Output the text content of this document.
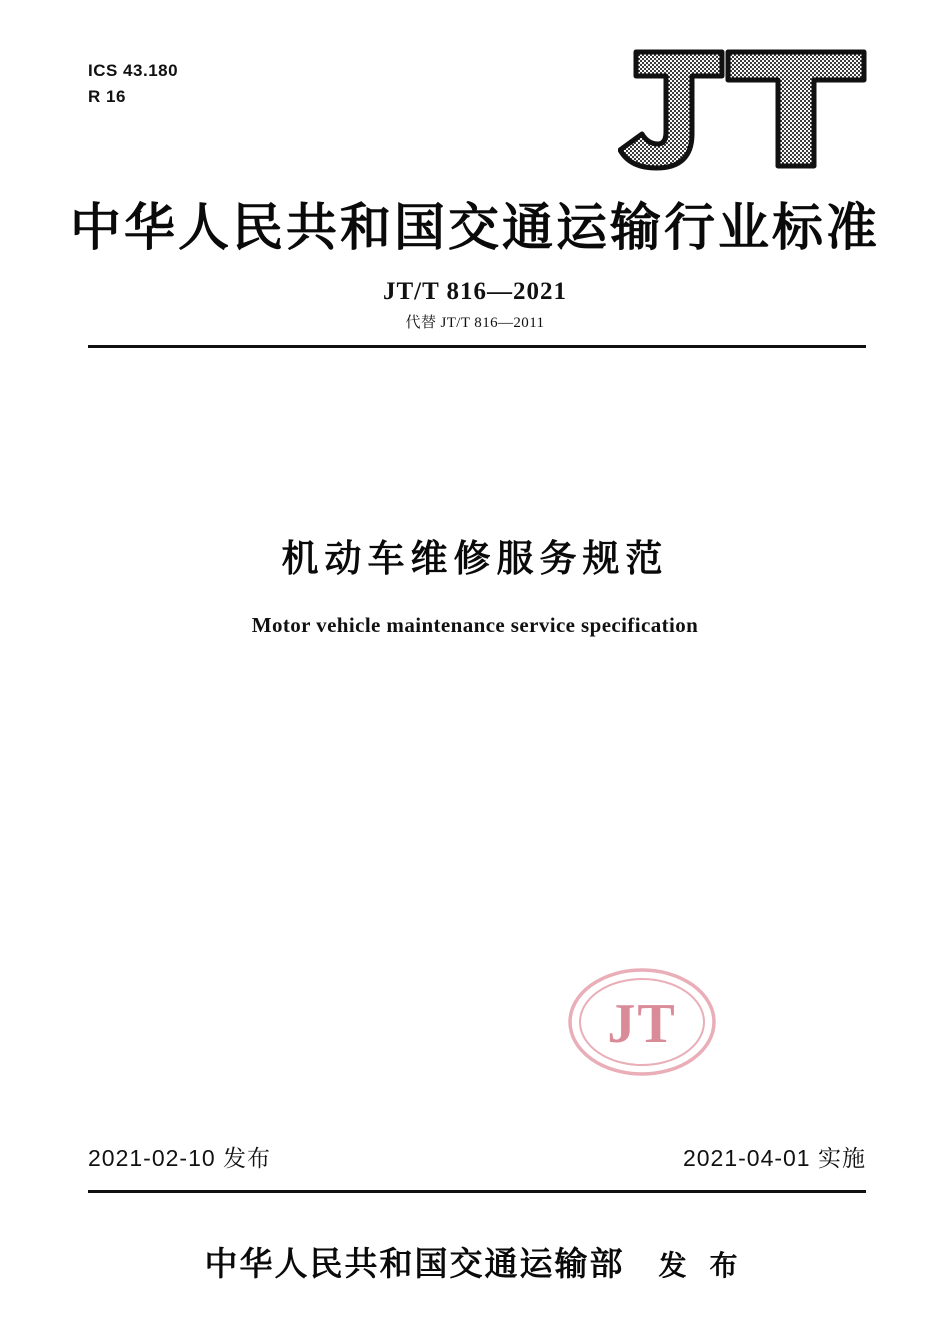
ICS 43.180
R 16
中华人民共和国交通运输行业标准
JT/T 816—2021
代替 JT/T 816—2011
机动车维修服务规范
Motor vehicle maintenance service specification
JT
2021-02-10 发布	2021-04-01 实施
中华人民共和国交通运输部 发 布
